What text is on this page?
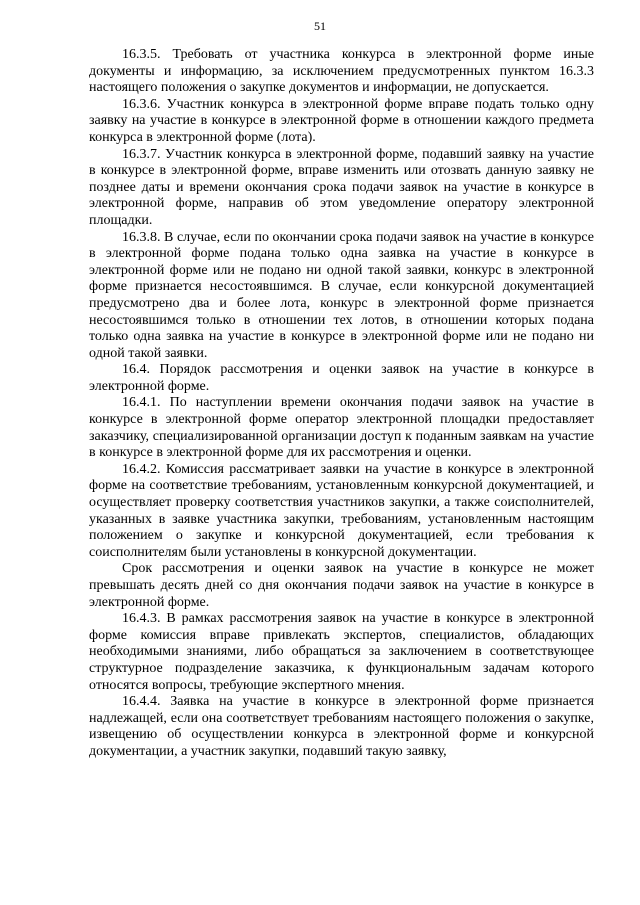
51

16.3.5. Требовать от участника конкурса в электронной форме иные документы и информацию, за исключением предусмотренных пунктом 16.3.3 настоящего положения о закупке документов и информации, не допускается.

16.3.6. Участник конкурса в электронной форме вправе подать только одну заявку на участие в конкурсе в электронной форме в отношении каждого предмета конкурса в электронной форме (лота).

16.3.7. Участник конкурса в электронной форме, подавший заявку на участие в конкурсе в электронной форме, вправе изменить или отозвать данную заявку не позднее даты и времени окончания срока подачи заявок на участие в конкурсе в электронной форме, направив об этом уведомление оператору электронной площадки.

16.3.8. В случае, если по окончании срока подачи заявок на участие в конкурсе в электронной форме подана только одна заявка на участие в конкурсе в электронной форме или не подано ни одной такой заявки, конкурс в электронной форме признается несостоявшимся. В случае, если конкурсной документацией предусмотрено два и более лота, конкурс в электронной форме признается несостоявшимся только в отношении тех лотов, в отношении которых подана только одна заявка на участие в конкурсе в электронной форме или не подано ни одной такой заявки.

16.4. Порядок рассмотрения и оценки заявок на участие в конкурсе в электронной форме.

16.4.1. По наступлении времени окончания подачи заявок на участие в конкурсе в электронной форме оператор электронной площадки предоставляет заказчику, специализированной организации доступ к поданным заявкам на участие в конкурсе в электронной форме для их рассмотрения и оценки.

16.4.2. Комиссия рассматривает заявки на участие в конкурсе в электронной форме на соответствие требованиям, установленным конкурсной документацией, и осуществляет проверку соответствия участников закупки, а также соисполнителей, указанных в заявке участника закупки, требованиям, установленным настоящим положением о закупке и конкурсной документацией, если требования к соисполнителям были установлены в конкурсной документации.

Срок рассмотрения и оценки заявок на участие в конкурсе не может превышать десять дней со дня окончания подачи заявок на участие в конкурсе в электронной форме.

16.4.3. В рамках рассмотрения заявок на участие в конкурсе в электронной форме комиссия вправе привлекать экспертов, специалистов, обладающих необходимыми знаниями, либо обращаться за заключением в соответствующее структурное подразделение заказчика, к функциональным задачам которого относятся вопросы, требующие экспертного мнения.

16.4.4. Заявка на участие в конкурсе в электронной форме признается надлежащей, если она соответствует требованиям настоящего положения о закупке, извещению об осуществлении конкурса в электронной форме и конкурсной документации, а участник закупки, подавший такую заявку,
